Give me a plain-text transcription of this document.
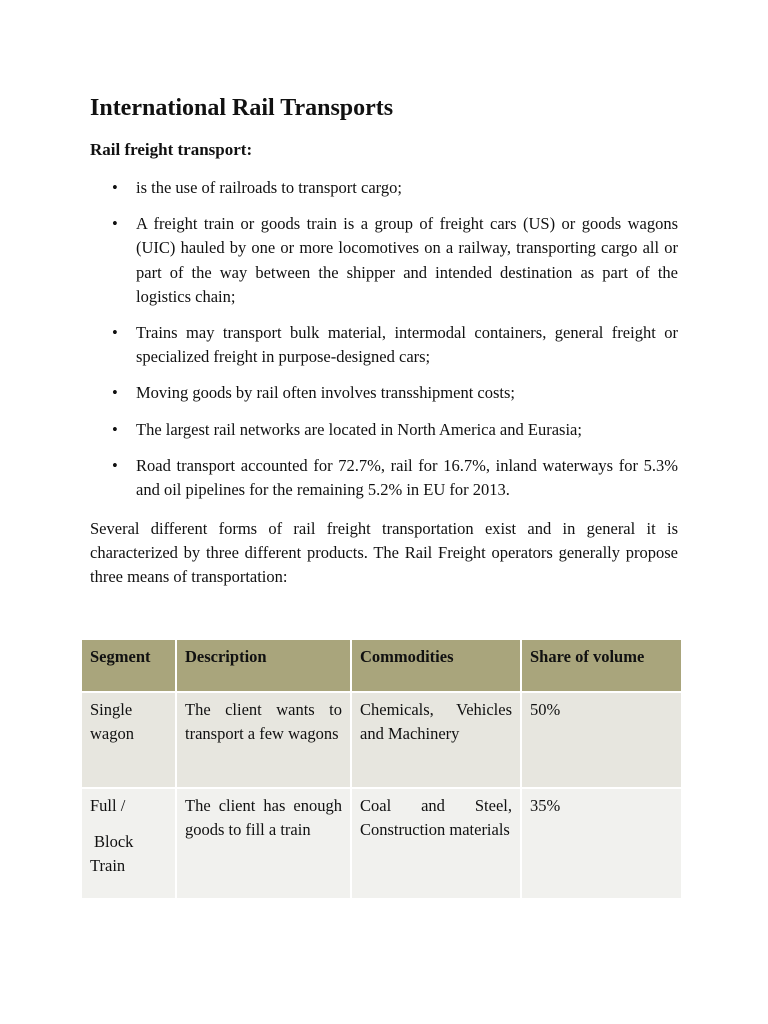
International Rail Transports
Rail freight transport:
• is the use of railroads to transport cargo;
• A freight train or goods train is a group of freight cars (US) or goods wagons (UIC) hauled by one or more locomotives on a railway, transporting cargo all or part of the way between the shipper and intended destination as part of the logistics chain;
• Trains may transport bulk material, intermodal containers, general freight or specialized freight in purpose-designed cars;
• Moving goods by rail often involves transshipment costs;
• The largest rail networks are located in North America and Eurasia;
• Road transport accounted for 72.7%, rail for 16.7%, inland waterways for 5.3% and oil pipelines for the remaining 5.2% in EU for 2013.

Several different forms of rail freight transportation exist and in general it is characterized by three different products. The Rail Freight operators generally propose three means of transportation:

Segment	Description	Commodities	Share of volume

Single
wagon	The client wants to transport a few wagons	Chemicals, Vehicles and Machinery	50%

Full /
Block
Train	The client has enough goods to fill a train	Coal and Steel, Construction materials	35%
